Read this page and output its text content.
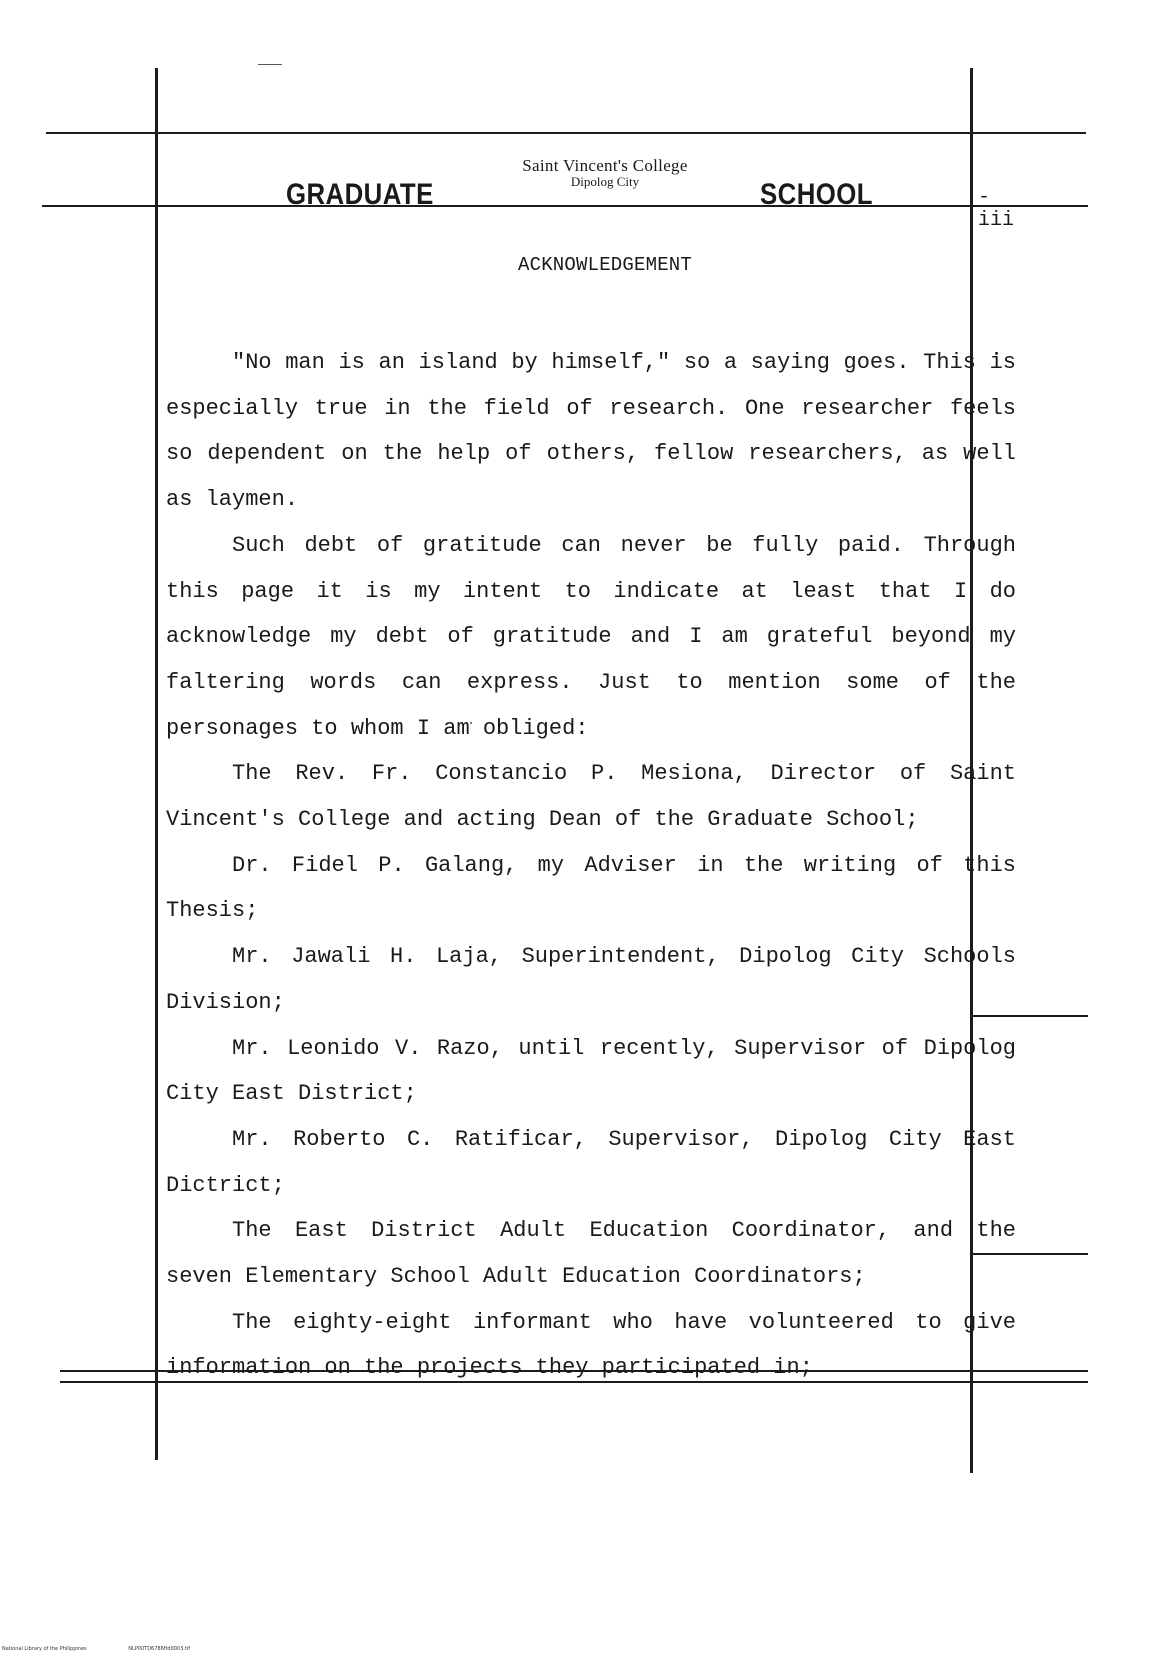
GRADUATE
Saint Vincent's College
Dipolog City	SCHOOL	-iii
ACKNOWLEDGEMENT

"No man is an island by himself," so a saying goes. This is especially true in the field of research. One researcher feels so dependent on the help of others, fellow researchers, as well as laymen.

Such debt of gratitude can never be fully paid. Through this page it is my intent to indicate at least that I do acknowledge my debt of gratitude and I am grateful beyond my faltering words can express. Just to mention some of the personages to whom I am obliged:

The Rev. Fr. Constancio P. Mesiona, Director of Saint Vincent's College and acting Dean of the Graduate School;

Dr. Fidel P. Galang, my Adviser in the writing of this Thesis;

Mr. Jawali H. Laja, Superintendent, Dipolog City Schools Division;

Mr. Leonido V. Razo, until recently, Supervisor of Dipolog City East District;

Mr. Roberto C. Ratificar, Supervisor, Dipolog City East Dictrict;

The East District Adult Education Coordinator, and the seven Elementary School Adult Education Coordinators;

The eighty-eight informant who have volunteered to give information on the projects they participated in;

National Library of the Philippines	NLP00TD6786ftd0003.tif
